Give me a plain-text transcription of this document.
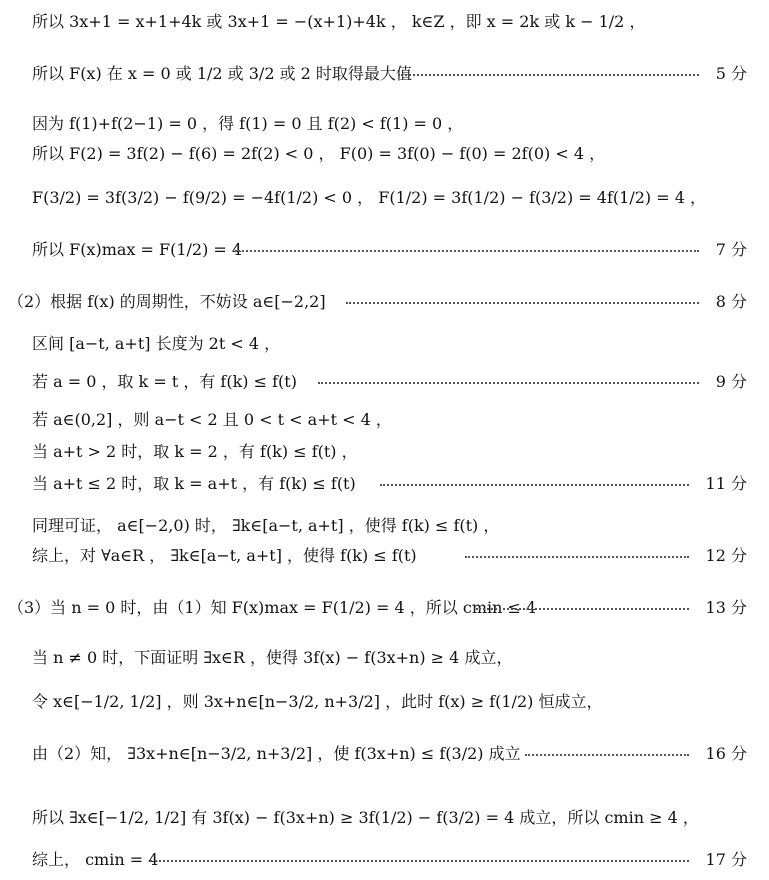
所以 3x+1 = x+1+4k 或 3x+1 = −(x+1)+4k ， k∈Z ，即 x = 2k 或 k − 1/2 ，
所以 F(x) 在 x = 0 或 1/2 或 3/2 或 2 时取得最大值	5 分
因为 f(1)+f(2−1) = 0 ，得 f(1) = 0 且 f(2) < f(1) = 0 ，
所以 F(2) = 3f(2) − f(6) = 2f(2) < 0 ， F(0) = 3f(0) − f(0) = 2f(0) < 4 ，
F(3/2) = 3f(3/2) − f(9/2) = −4f(1/2) < 0 ， F(1/2) = 3f(1/2) − f(3/2) = 4f(1/2) = 4 ，
所以 F(x)max = F(1/2) = 4	7 分
（2）根据 f(x) 的周期性，不妨设 a∈[−2,2]	8 分
区间 [a−t, a+t] 长度为 2t < 4 ，
若 a = 0 ，取 k = t ，有 f(k) ≤ f(t)	9 分
若 a∈(0,2] ，则 a−t < 2 且 0 < t < a+t < 4 ，
当 a+t > 2 时，取 k = 2 ，有 f(k) ≤ f(t) ，
当 a+t ≤ 2 时，取 k = a+t ，有 f(k) ≤ f(t)	11 分
同理可证， a∈[−2,0) 时， ∃k∈[a−t, a+t] ，使得 f(k) ≤ f(t) ，
综上，对 ∀a∈R ， ∃k∈[a−t, a+t] ，使得 f(k) ≤ f(t)	12 分
（3）当 n = 0 时，由（1）知 F(x)max = F(1/2) = 4 ，所以 cmin ≤ 4	13 分
当 n ≠ 0 时，下面证明 ∃x∈R ，使得 3f(x) − f(3x+n) ≥ 4 成立，
令 x∈[−1/2, 1/2] ，则 3x+n∈[n−3/2, n+3/2] ，此时 f(x) ≥ f(1/2) 恒成立，
由（2）知， ∃3x+n∈[n−3/2, n+3/2] ，使 f(3x+n) ≤ f(3/2) 成立	16 分
所以 ∃x∈[−1/2, 1/2] 有 3f(x) − f(3x+n) ≥ 3f(1/2) − f(3/2) = 4 成立，所以 cmin ≥ 4 ，
综上， cmin = 4	17 分
